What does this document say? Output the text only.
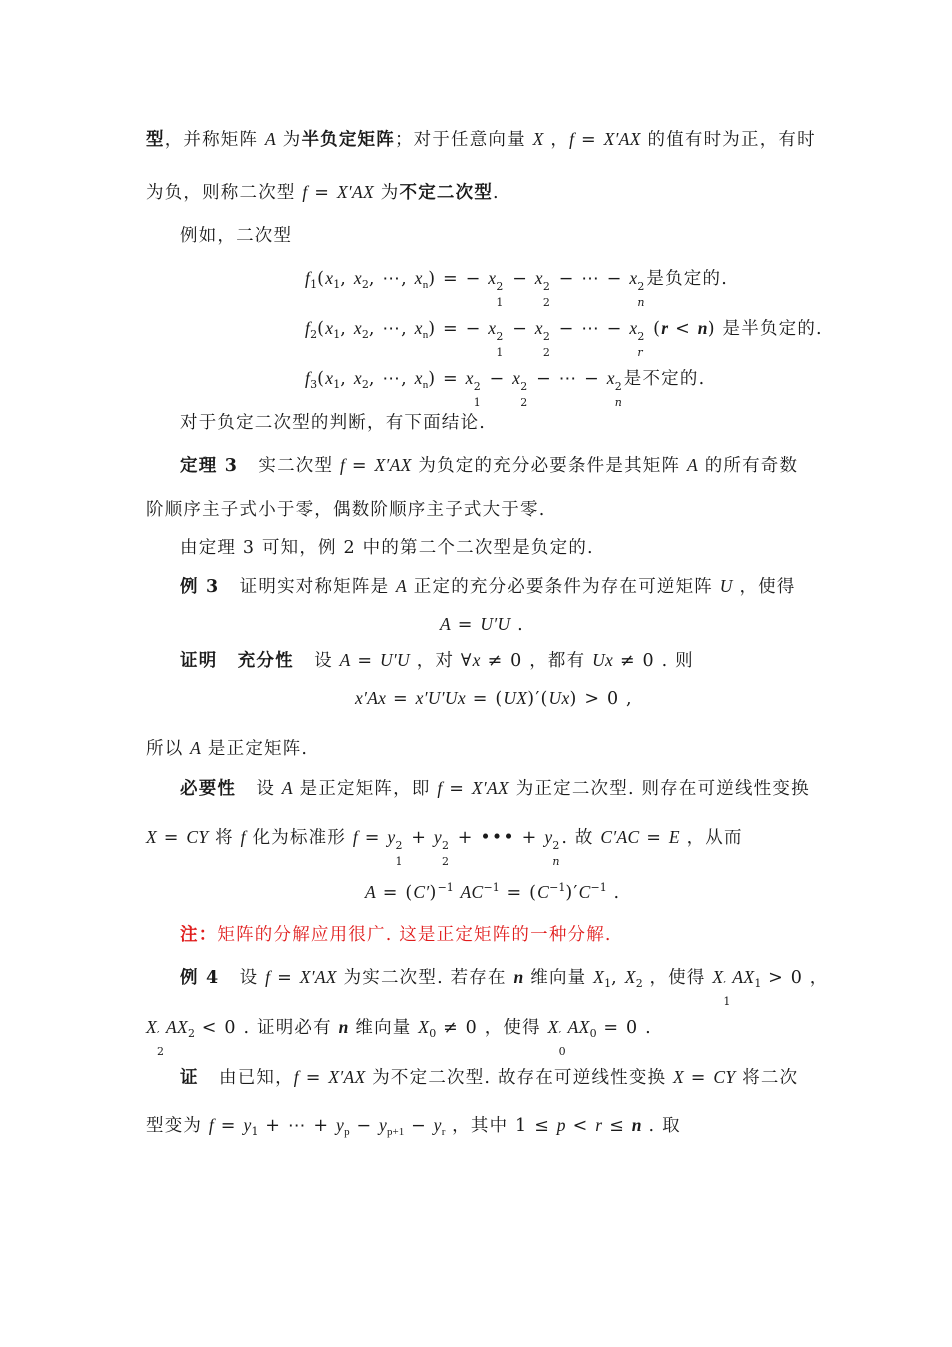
型，并称矩阵 A 为半负定矩阵；对于任意向量 X ，f = X′AX 的值有时为正，有时
为负，则称二次型 f = X′AX 为不定二次型.
例如，二次型
$f_1(x_1$, $x_2$, ⋯, $x_n$) = − x 2
1
− x 2
2
− ⋯ − x 2
n
是负定的.
$f_2(x_1$, $x_2$, ⋯, $x_n$) = − x 2
1
− x 2
2
− ⋯ − x 2
r
(r < n) 是半负定的.
$f_3(x_1$, $x_2$, ⋯, $x_n) = x$ 2
1
− x 2
2
− ⋯ − x 2
n
是不定的.
对于负定二次型的判断，有下面结论.
定理 3   实二次型 f = X′AX 为负定的充分必要条件是其矩阵 A 的所有奇数
阶顺序主子式小于零，偶数阶顺序主子式大于零.
由定理 3 可知，例 2 中的第二个二次型是负定的.
例 3   证明实对称矩阵是 A 正定的充分必要条件为存在可逆矩阵 U ，使得
A = U′U .
证明 充分性   设 A = U′U ，对 ∀x ≠ 0 ，都有 Ux ≠ 0 . 则
x′Ax = x′U′Ux = (UX)′(Ux) > 0 ,
所以 A 是正定矩阵.
必要性   设 A 是正定矩阵，即 f = X′AX 为正定二次型. 则存在可逆线性变换
X = CY 将 f 化为标准形 f = y 2
1
+ y 2
2
+ ••• + y 2
n
. 故 C′AC = E ，从而
$A = (C')^{-1}$ $AC^{-1} = (C^{-1})'C^{-1}$ .
注：矩阵的分解应用很广. 这是正定矩阵的一种分解.
例 4   设 f = X′AX 为实二次型. 若存在 n 维向量 $X_1$, $X_2$ ，使得 X ′
1
$AX_1 > 0$ ，
X ′
2
$AX_2 < 0$ . 证明必有 n 维向量 $X_0 \ne 0$ ，使得 X ′
0
$AX_0 = 0$ .
证   由已知，f = X′AX 为不定二次型. 故存在可逆线性变换 X = CY 将二次
型变为 $f = y_1$ + ⋯ + $y_p - y_{p+1} - y_r$ ，其中 1 ≤ p < r ≤ n . 取
